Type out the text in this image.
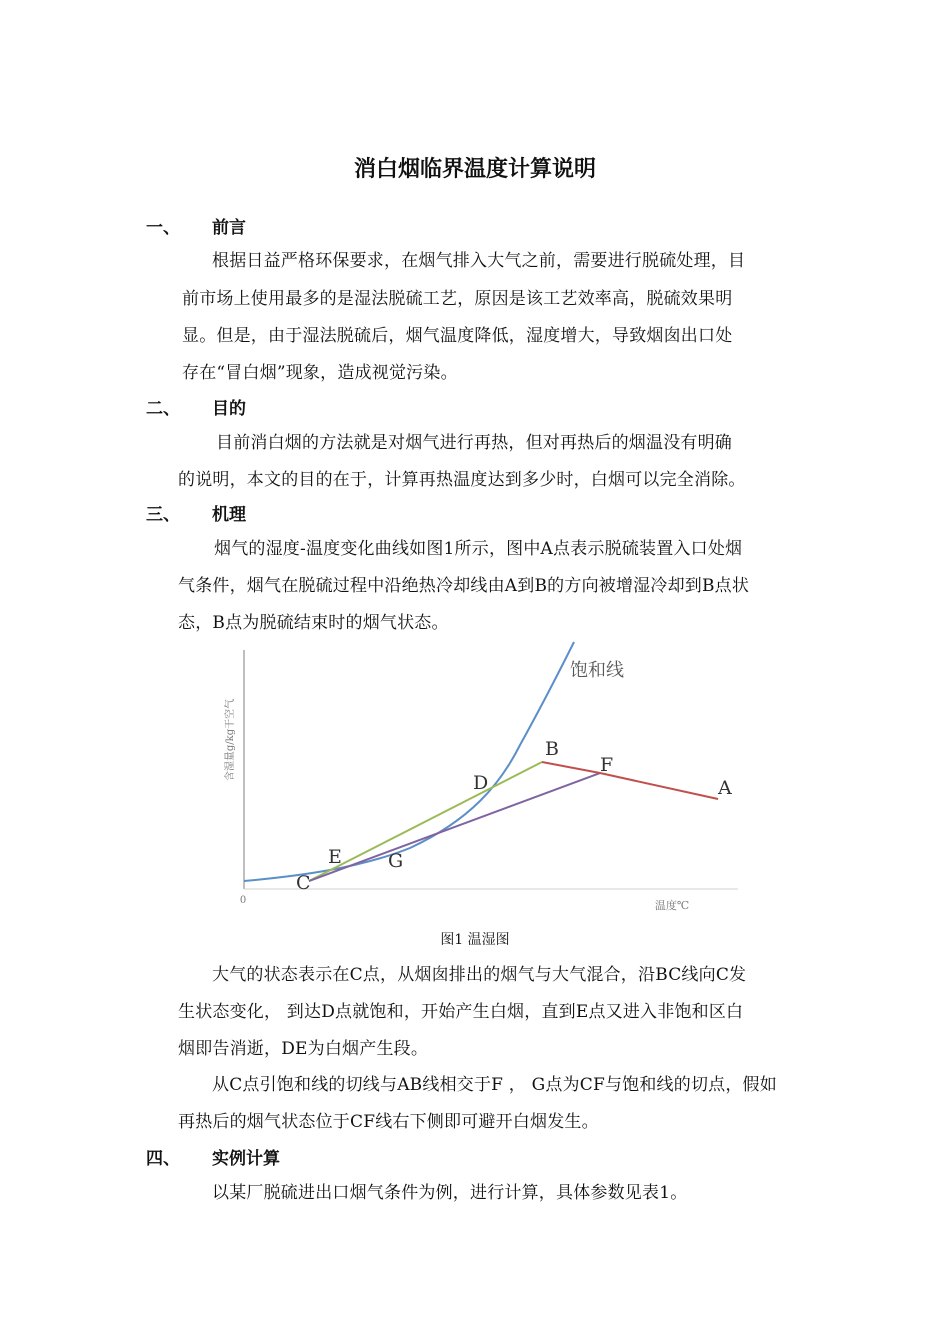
消白烟临界温度计算说明
一、 前言
根据日益严格环保要求，在烟气排入大气之前，需要进行脱硫处理，目
前市场上使用最多的是湿法脱硫工艺，原因是该工艺效率高，脱硫效果明
显。但是，由于湿法脱硫后，烟气温度降低，湿度增大，导致烟囱出口处
存在“冒白烟”现象，造成视觉污染。
二、 目的
目前消白烟的方法就是对烟气进行再热，但对再热后的烟温没有明确
的说明，本文的目的在于，计算再热温度达到多少时，白烟可以完全消除。
三、 机理
烟气的湿度-温度变化曲线如图1所示，图中A点表示脱硫装置入口处烟
气条件，烟气在脱硫过程中沿绝热冷却线由A到B的方向被增湿冷却到B点状
态，B点为脱硫结束时的烟气状态。
含湿量g/kg干空气
0	温度℃
饱和线
A
B
C
D
E
F
G
图1 温湿图
大气的状态表示在C点，从烟囱排出的烟气与大气混合，沿BC线向C发
生状态变化， 到达D点就饱和，开始产生白烟，直到E点又进入非饱和区白
烟即告消逝，DE为白烟产生段。
从C点引饱和线的切线与AB线相交于F ， G点为CF与饱和线的切点，假如
再热后的烟气状态位于CF线右下侧即可避开白烟发生。
四、 实例计算
以某厂脱硫进出口烟气条件为例，进行计算，具体参数见表1。
